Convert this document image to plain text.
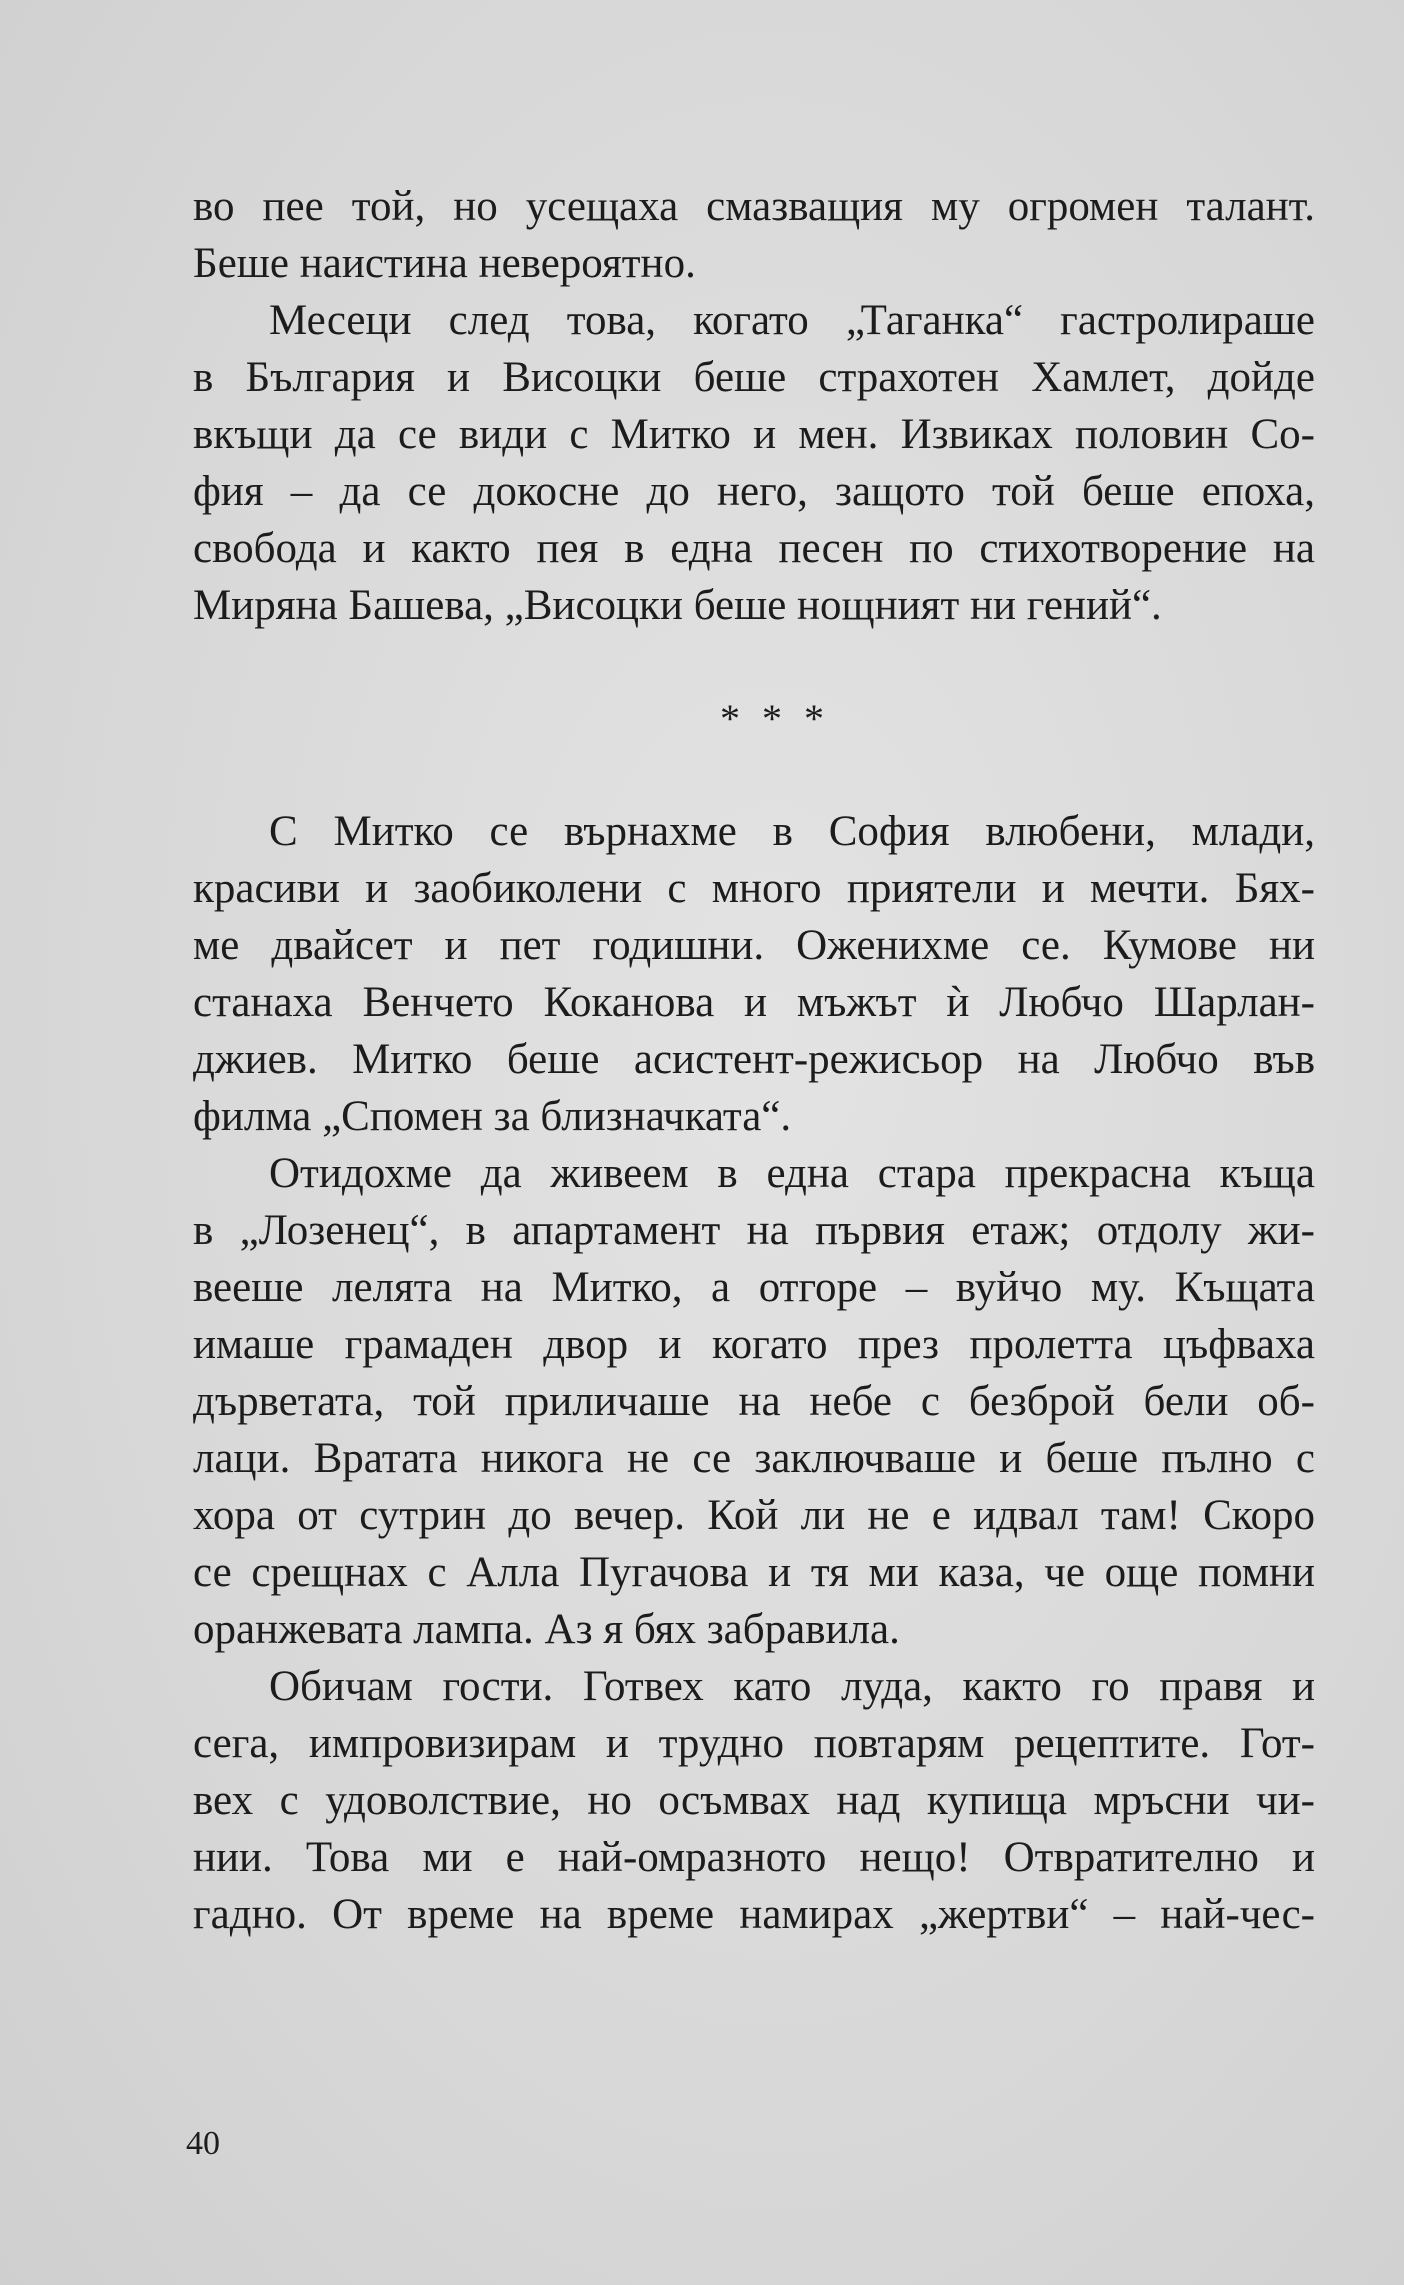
во пее той, но усещаха смазващия му огромен талант.
Беше наистина невероятно.
Месеци след това, когато „Таганка“ гастролираше
в България и Висоцки беше страхотен Хамлет, дойде
вкъщи да се види с Митко и мен. Извиках половин Со-
фия – да се докосне до него, защото той беше епоха,
свобода и както пея в една песен по стихотворение на
Миряна Башева, „Висоцки беше нощният ни гений“.
* * *
С Митко се върнахме в София влюбени, млади,
красиви и заобиколени с много приятели и мечти. Бях-
ме двайсет и пет годишни. Оженихме се. Кумове ни
станаха Венчето Коканова и мъжът ѝ Любчо Шарлан-
джиев. Митко беше асистент-режисьор на Любчо във
филма „Спомен за близначката“.
Отидохме да живеем в една стара прекрасна къща
в „Лозенец“, в апартамент на първия етаж; отдолу жи-
вееше лелята на Митко, а отгоре – вуйчо му. Къщата
имаше грамаден двор и когато през пролетта цъфваха
дърветата, той приличаше на небе с безброй бели об-
лаци. Вратата никога не се заключваше и беше пълно с
хора от сутрин до вечер. Кой ли не е идвал там! Скоро
се срещнах с Алла Пугачова и тя ми каза, че още помни
оранжевата лампа. Аз я бях забравила.
Обичам гости. Готвех като луда, както го правя и
сега, импровизирам и трудно повтарям рецептите. Гот-
вех с удоволствие, но осъмвах над купища мръсни чи-
нии. Това ми е най-омразното нещо! Отвратително и
гадно. От време на време намирах „жертви“ – най-чес-
40
